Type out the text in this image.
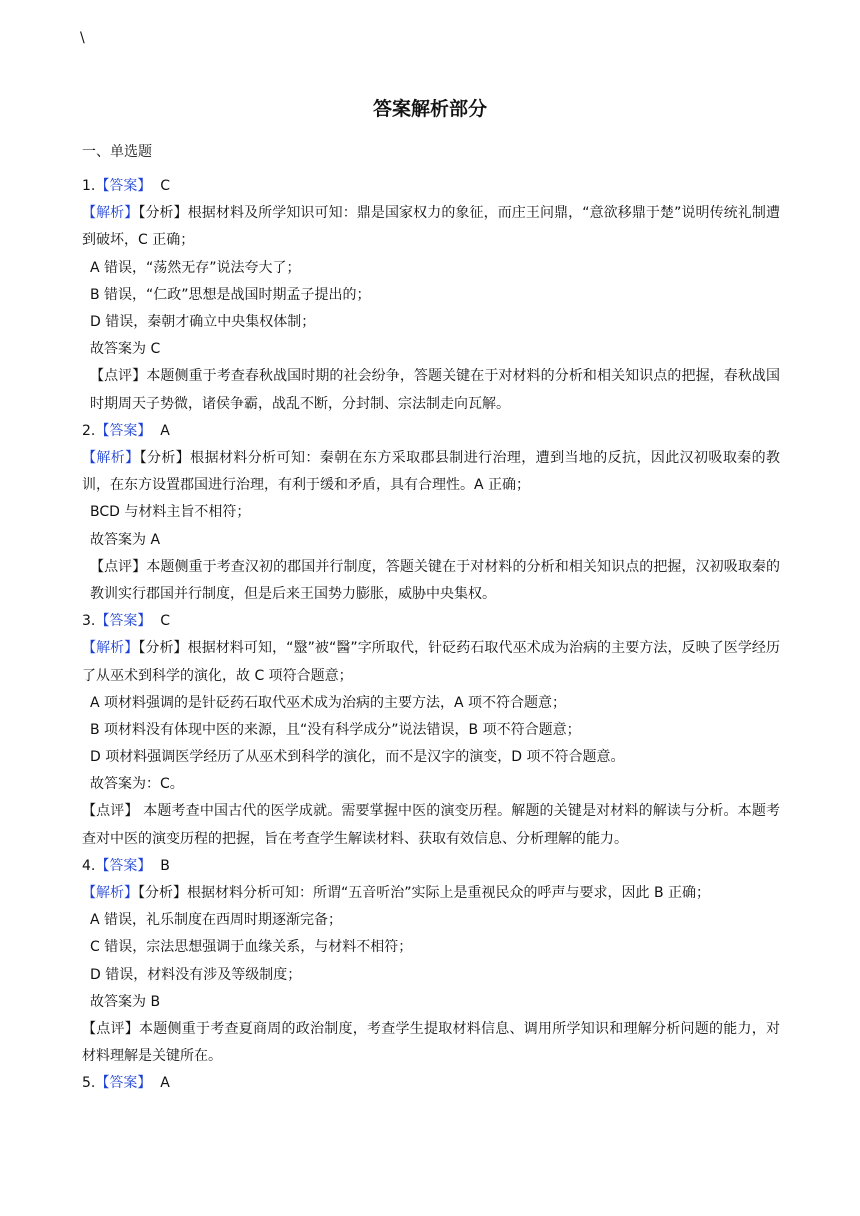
\
答案解析部分
一、单选题
1.【答案】 C
【解析】【分析】根据材料及所学知识可知：鼎是国家权力的象征，而庄王问鼎，“意欲移鼎于楚”说明传统礼制遭到破坏，C 正确；
A 错误，“荡然无存”说法夸大了；
B 错误，“仁政”思想是战国时期孟子提出的；
D 错误，秦朝才确立中央集权体制；
故答案为 C
【点评】本题侧重于考查春秋战国时期的社会纷争，答题关键在于对材料的分析和相关知识点的把握，春秋战国时期周天子势微，诸侯争霸，战乱不断，分封制、宗法制走向瓦解。
2.【答案】 A
【解析】【分析】根据材料分析可知：秦朝在东方采取郡县制进行治理，遭到当地的反抗，因此汉初吸取秦的教训，在东方设置郡国进行治理，有利于缓和矛盾，具有合理性。A 正确；
BCD 与材料主旨不相符；
故答案为 A
【点评】本题侧重于考查汉初的郡国并行制度，答题关键在于对材料的分析和相关知识点的把握，汉初吸取秦的教训实行郡国并行制度，但是后来王国势力膨胀，威胁中央集权。
3.【答案】 C
【解析】【分析】根据材料可知，“毉”被“醫”字所取代，针砭药石取代巫术成为治病的主要方法，反映了医学经历了从巫术到科学的演化，故 C 项符合题意；
A 项材料强调的是针砭药石取代巫术成为治病的主要方法，A 项不符合题意；
B 项材料没有体现中医的来源，且“没有科学成分”说法错误，B 项不符合题意；
D 项材料强调医学经历了从巫术到科学的演化，而不是汉字的演变，D 项不符合题意。
故答案为：C。
【点评】 本题考查中国古代的医学成就。需要掌握中医的演变历程。解题的关键是对材料的解读与分析。本题考查对中医的演变历程的把握，旨在考查学生解读材料、获取有效信息、分析理解的能力。
4.【答案】 B
【解析】【分析】根据材料分析可知：所谓“五音听治”实际上是重视民众的呼声与要求，因此 B 正确；
A 错误，礼乐制度在西周时期逐渐完备；
C 错误，宗法思想强调于血缘关系，与材料不相符；
D 错误，材料没有涉及等级制度；
故答案为 B
【点评】本题侧重于考查夏商周的政治制度，考查学生提取材料信息、调用所学知识和理解分析问题的能力，对材料理解是关键所在。
5.【答案】 A
